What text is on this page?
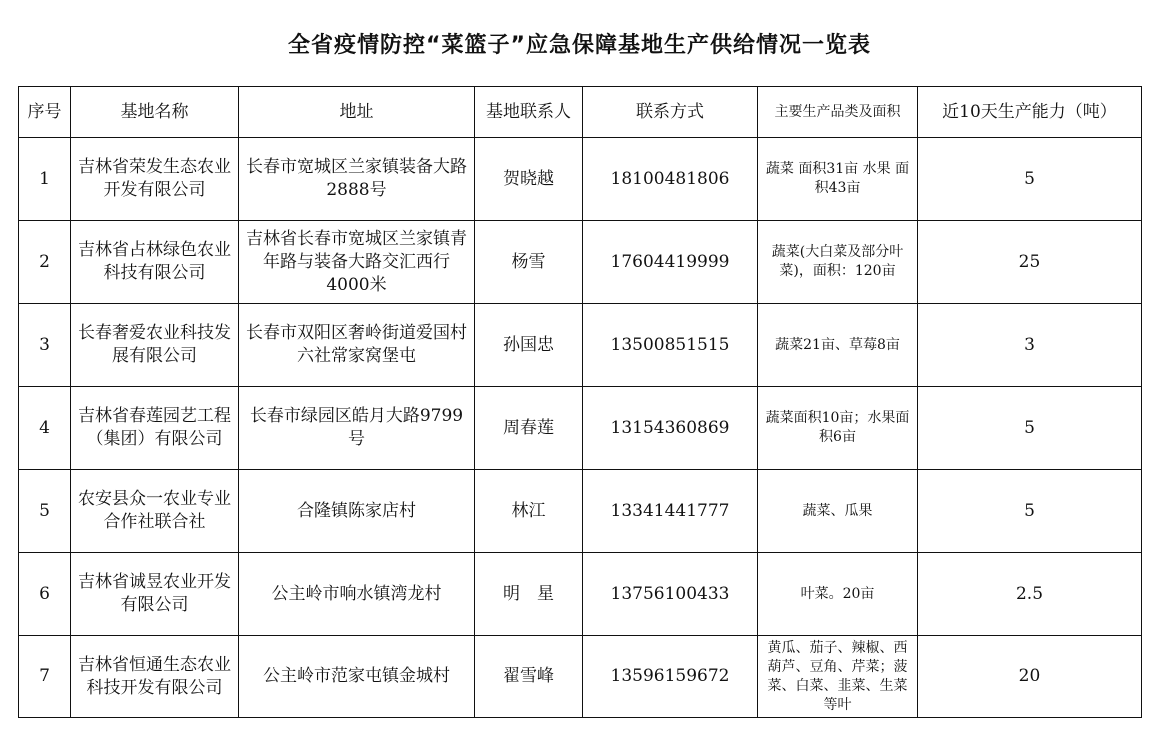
全省疫情防控“菜篮子”应急保障基地生产供给情况一览表
序号	基地名称	地址	基地联系人	联系方式	主要生产品类及面积	近10天生产能力（吨）
1	吉林省荣发生态农业开发有限公司	长春市宽城区兰家镇装备大路2888号	贺晓越	18100481806	蔬菜 面积31亩 水果 面积43亩	5
2	吉林省占林绿色农业科技有限公司	吉林省长春市宽城区兰家镇青年路与装备大路交汇西行4000米	杨雪	17604419999	蔬菜(大白菜及部分叶菜)，面积：120亩	25
3	长春奢爱农业科技发展有限公司	长春市双阳区奢岭街道爱国村六社常家窝堡屯	孙国忠	13500851515	蔬菜21亩、草莓8亩	3
4	吉林省春莲园艺工程（集团）有限公司	长春市绿园区皓月大路9799号	周春莲	13154360869	蔬菜面积10亩；水果面积6亩	5
5	农安县众一农业专业合作社联合社	合隆镇陈家店村	林江	13341441777	蔬菜、瓜果	5
6	吉林省诚昱农业开发有限公司	公主岭市响水镇湾龙村	明　星	13756100433	叶菜。20亩	2.5
7	吉林省恒通生态农业科技开发有限公司	公主岭市范家屯镇金城村	翟雪峰	13596159672	黄瓜、茄子、辣椒、西葫芦、豆角、芹菜；菠菜、白菜、韭菜、生菜等叶	20
